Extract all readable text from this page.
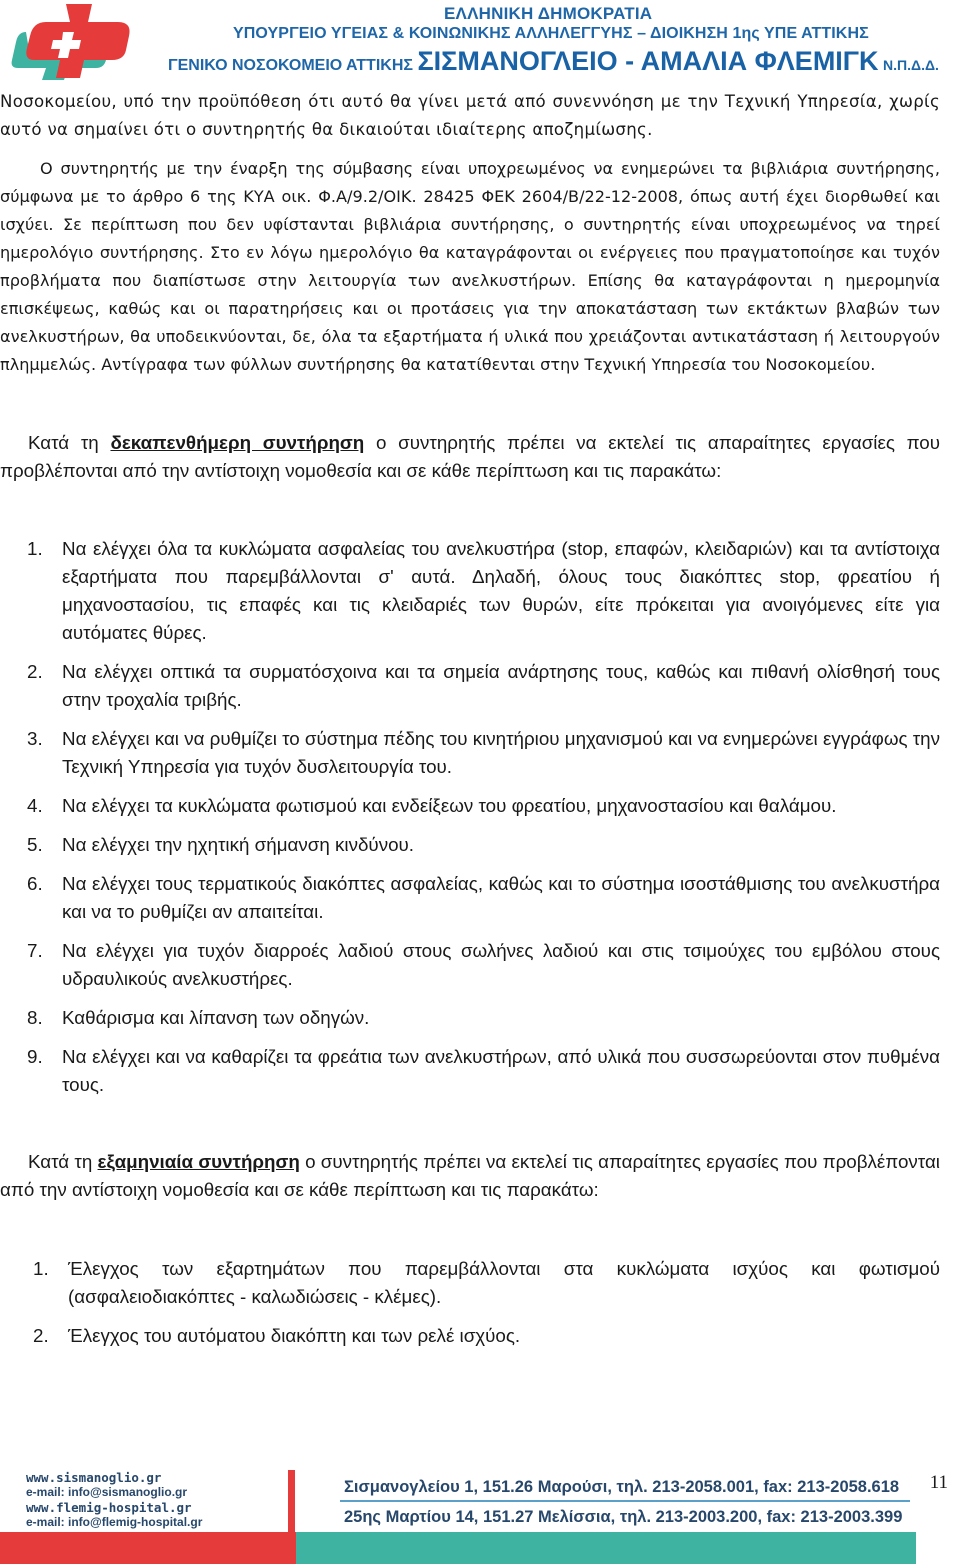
ΕΛΛΗΝΙΚΗ ΔΗΜΟΚΡΑΤΙΑ
ΥΠΟΥΡΓΕΙΟ ΥΓΕΙΑΣ & ΚΟΙΝΩΝΙΚΗΣ ΑΛΛΗΛΕΓΓΥΗΣ – ΔΙΟΙΚΗΣΗ 1ης ΥΠΕ ΑΤΤΙΚΗΣ
ΓΕΝΙΚΟ ΝΟΣΟΚΟΜΕΙΟ ΑΤΤΙΚΗΣ ΣΙΣΜΑΝΟΓΛΕΙΟ - ΑΜΑΛΙΑ ΦΛΕΜΙΓΚ Ν.Π.Δ.Δ.

Νοσοκομείου, υπό την προϋπόθεση ότι αυτό θα γίνει μετά από συνεννόηση με την Τεχνική Υπηρεσία, χωρίς αυτό να σημαίνει ότι ο συντηρητής θα δικαιούται ιδιαίτερης αποζημίωσης.

Ο συντηρητής με την έναρξη της σύμβασης είναι υποχρεωμένος να ενημερώνει τα βιβλιάρια συντήρησης, σύμφωνα με το άρθρο 6 της ΚΥΑ οικ. Φ.Α/9.2/ΟΙΚ. 28425 ΦΕΚ 2604/Β/22-12-2008, όπως αυτή έχει διορθωθεί και ισχύει. Σε περίπτωση που δεν υφίστανται βιβλιάρια συντήρησης, ο συντηρητής είναι υποχρεωμένος να τηρεί ημερολόγιο συντήρησης. Στο εν λόγω ημερολόγιο θα καταγράφονται οι ενέργειες που πραγματοποίησε και τυχόν προβλήματα που διαπίστωσε στην λειτουργία των ανελκυστήρων. Επίσης θα καταγράφονται η ημερομηνία επισκέψεως, καθώς και οι παρατηρήσεις και οι προτάσεις για την αποκατάσταση των εκτάκτων βλαβών των ανελκυστήρων, θα υποδεικνύονται, δε, όλα τα εξαρτήματα ή υλικά που χρειάζονται αντικατάσταση ή λειτουργούν πλημμελώς. Αντίγραφα των φύλλων συντήρησης θα κατατίθενται στην Τεχνική Υπηρεσία του Νοσοκομείου.

Κατά τη δεκαπενθήμερη συντήρηση ο συντηρητής πρέπει να εκτελεί τις απαραίτητες εργασίες που προβλέπονται από την αντίστοιχη νομοθεσία και σε κάθε περίπτωση και τις παρακάτω:

1. Να ελέγχει όλα τα κυκλώματα ασφαλείας του ανελκυστήρα (stop, επαφών, κλειδαριών) και τα αντίστοιχα εξαρτήματα που παρεμβάλλονται σ' αυτά. Δηλαδή, όλους τους διακόπτες stop, φρεατίου ή μηχανοστασίου, τις επαφές και τις κλειδαριές των θυρών, είτε πρόκειται για ανοιγόμενες είτε για αυτόματες θύρες.
2. Να ελέγχει οπτικά τα συρματόσχοινα και τα σημεία ανάρτησης τους, καθώς και πιθανή ολίσθησή τους στην τροχαλία τριβής.
3. Να ελέγχει και να ρυθμίζει το σύστημα πέδης του κινητήριου μηχανισμού και να ενημερώνει εγγράφως την Τεχνική Υπηρεσία για τυχόν δυσλειτουργία του.
4. Να ελέγχει τα κυκλώματα φωτισμού και ενδείξεων του φρεατίου, μηχανοστασίου και θαλάμου.
5. Να ελέγχει την ηχητική σήμανση κινδύνου.
6. Να ελέγχει τους τερματικούς διακόπτες ασφαλείας, καθώς και το σύστημα ισοστάθμισης του ανελκυστήρα και να το ρυθμίζει αν απαιτείται.
7. Να ελέγχει για τυχόν διαρροές λαδιού στους σωλήνες λαδιού και στις τσιμούχες του εμβόλου στους υδραυλικούς ανελκυστήρες.
8. Καθάρισμα και λίπανση των οδηγών.
9. Να ελέγχει και να καθαρίζει τα φρεάτια των ανελκυστήρων, από υλικά που συσσωρεύονται στον πυθμένα τους.

Κατά τη εξαμηνιαία συντήρηση ο συντηρητής πρέπει να εκτελεί τις απαραίτητες εργασίες που προβλέπονται από την αντίστοιχη νομοθεσία και σε κάθε περίπτωση και τις παρακάτω:

1. Έλεγχος των εξαρτημάτων που παρεμβάλλονται στα κυκλώματα ισχύος και φωτισμού (ασφαλειοδιακόπτες - καλωδιώσεις - κλέμες).
2. Έλεγχος του αυτόματου διακόπτη και των ρελέ ισχύος.
www.sismanoglio.gr
e-mail: info@sismanoglio.gr
www.flemig-hospital.gr
e-mail: info@flemig-hospital.gr
Σισμανογλείου 1, 151.26 Μαρούσι, τηλ. 213-2058.001, fax: 213-2058.618
25ης Μαρτίου 14, 151.27 Μελίσσια, τηλ. 213-2003.200, fax: 213-2003.399
11
